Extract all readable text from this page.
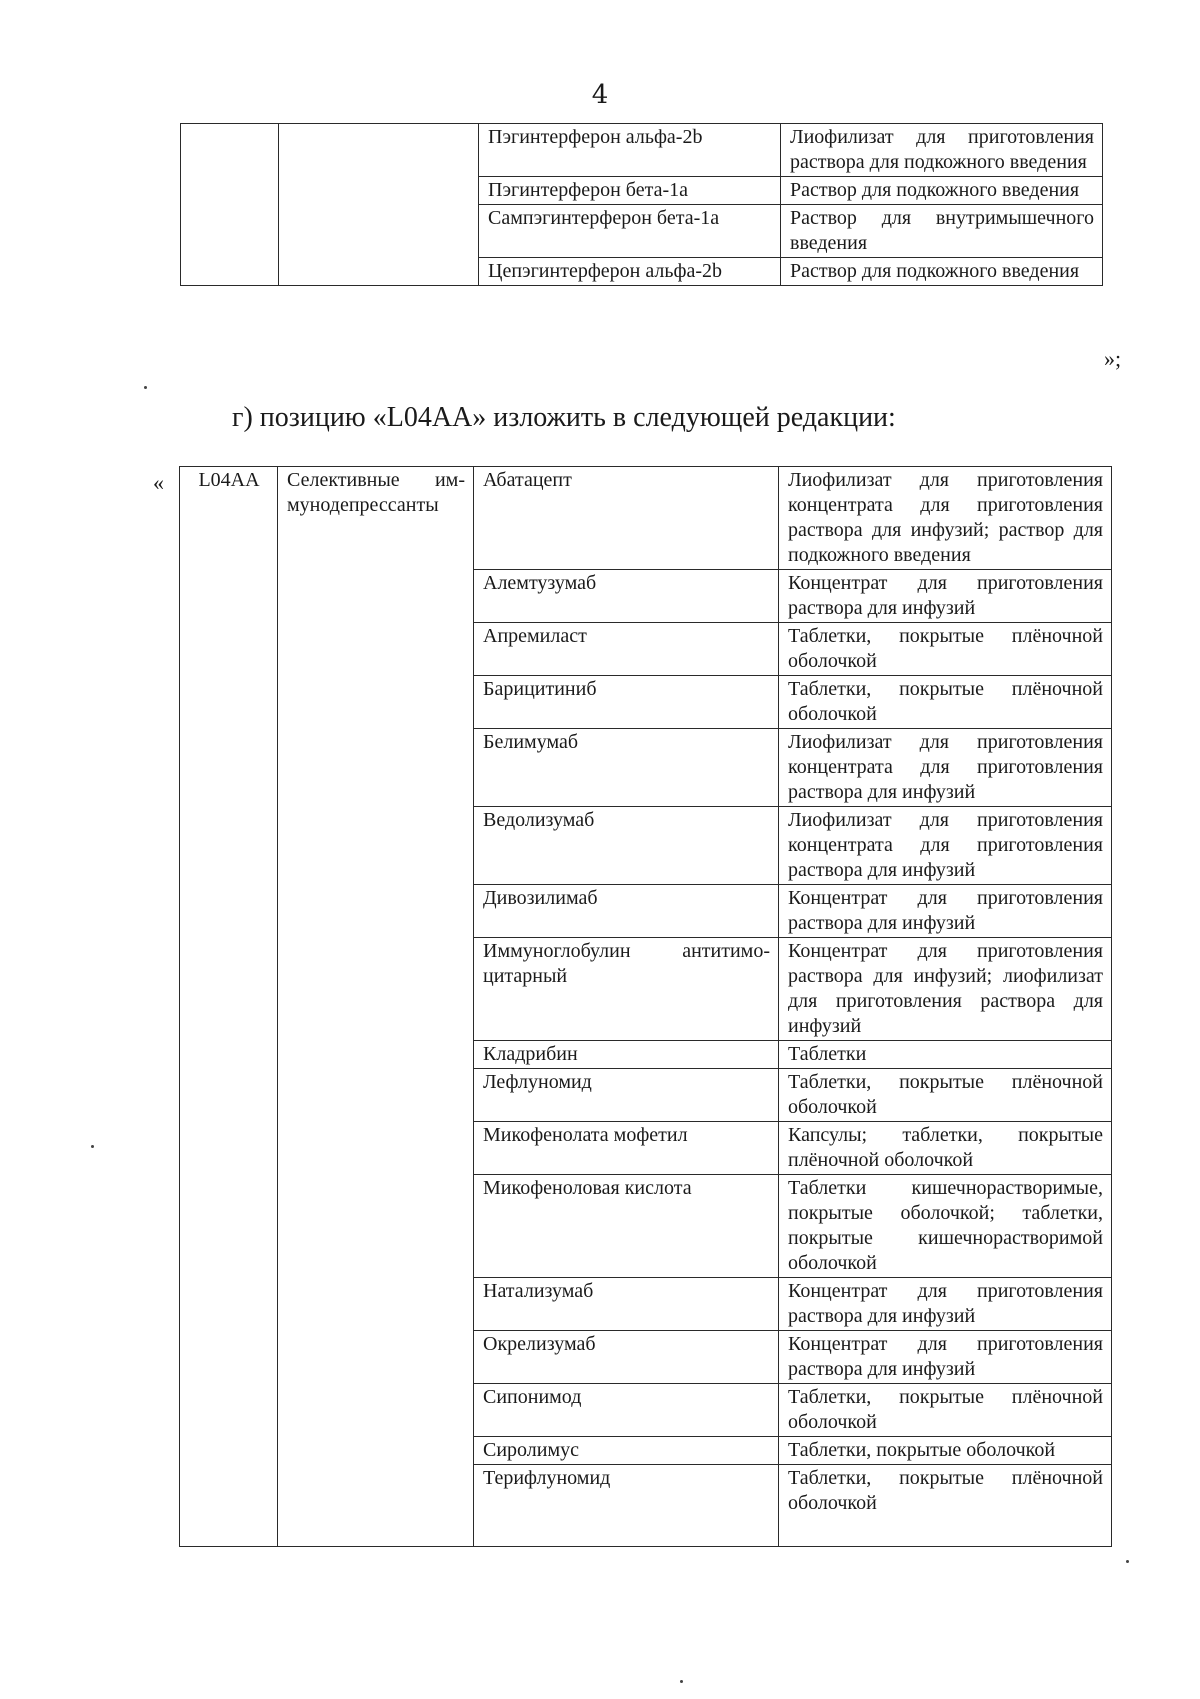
4
		Пэгинтерферон альфа-2b	Лиофилизат для приготовления раствора для подкожного введения
		Пэгинтерферон бета-1a	Раствор для подкожного введения
		Сампэгинтерферон бета-1a	Раствор для внутримышечного введения
		Цепэгинтерферон альфа-2b	Раствор для подкожного введения
»;
г) позицию «L04AA» изложить в следующей редакции:
« L04AA	Селективные иммунодепрессанты	Абатацепт	Лиофилизат для приготовления концентрата для приготовления раствора для инфузий; раствор для подкожного введения
		Алемтузумаб	Концентрат для приготовления раствора для инфузий
		Апремиласт	Таблетки, покрытые плёночной оболочкой
		Барицитиниб	Таблетки, покрытые плёночной оболочкой
		Белимумаб	Лиофилизат для приготовления концентрата для приготовления раствора для инфузий
		Ведолизумаб	Лиофилизат для приготовления концентрата для приготовления раствора для инфузий
		Дивозилимаб	Концентрат для приготовления раствора для инфузий
		Иммуноглобулин антитимоцитарный	Концентрат для приготовления раствора для инфузий; лиофилизат для приготовления раствора для инфузий
		Кладрибин	Таблетки
		Лефлуномид	Таблетки, покрытые плёночной оболочкой
		Микофенолата мофетил	Капсулы; таблетки, покрытые плёночной оболочкой
		Микофеноловая кислота	Таблетки кишечнорастворимые, покрытые оболочкой; таблетки, покрытые кишечнорастворимой оболочкой
		Натализумаб	Концентрат для приготовления раствора для инфузий
		Окрелизумаб	Концентрат для приготовления раствора для инфузий
		Сипонимод	Таблетки, покрытые плёночной оболочкой
		Сиролимус	Таблетки, покрытые оболочкой
		Терифлуномид	Таблетки, покрытые плёночной оболочкой
